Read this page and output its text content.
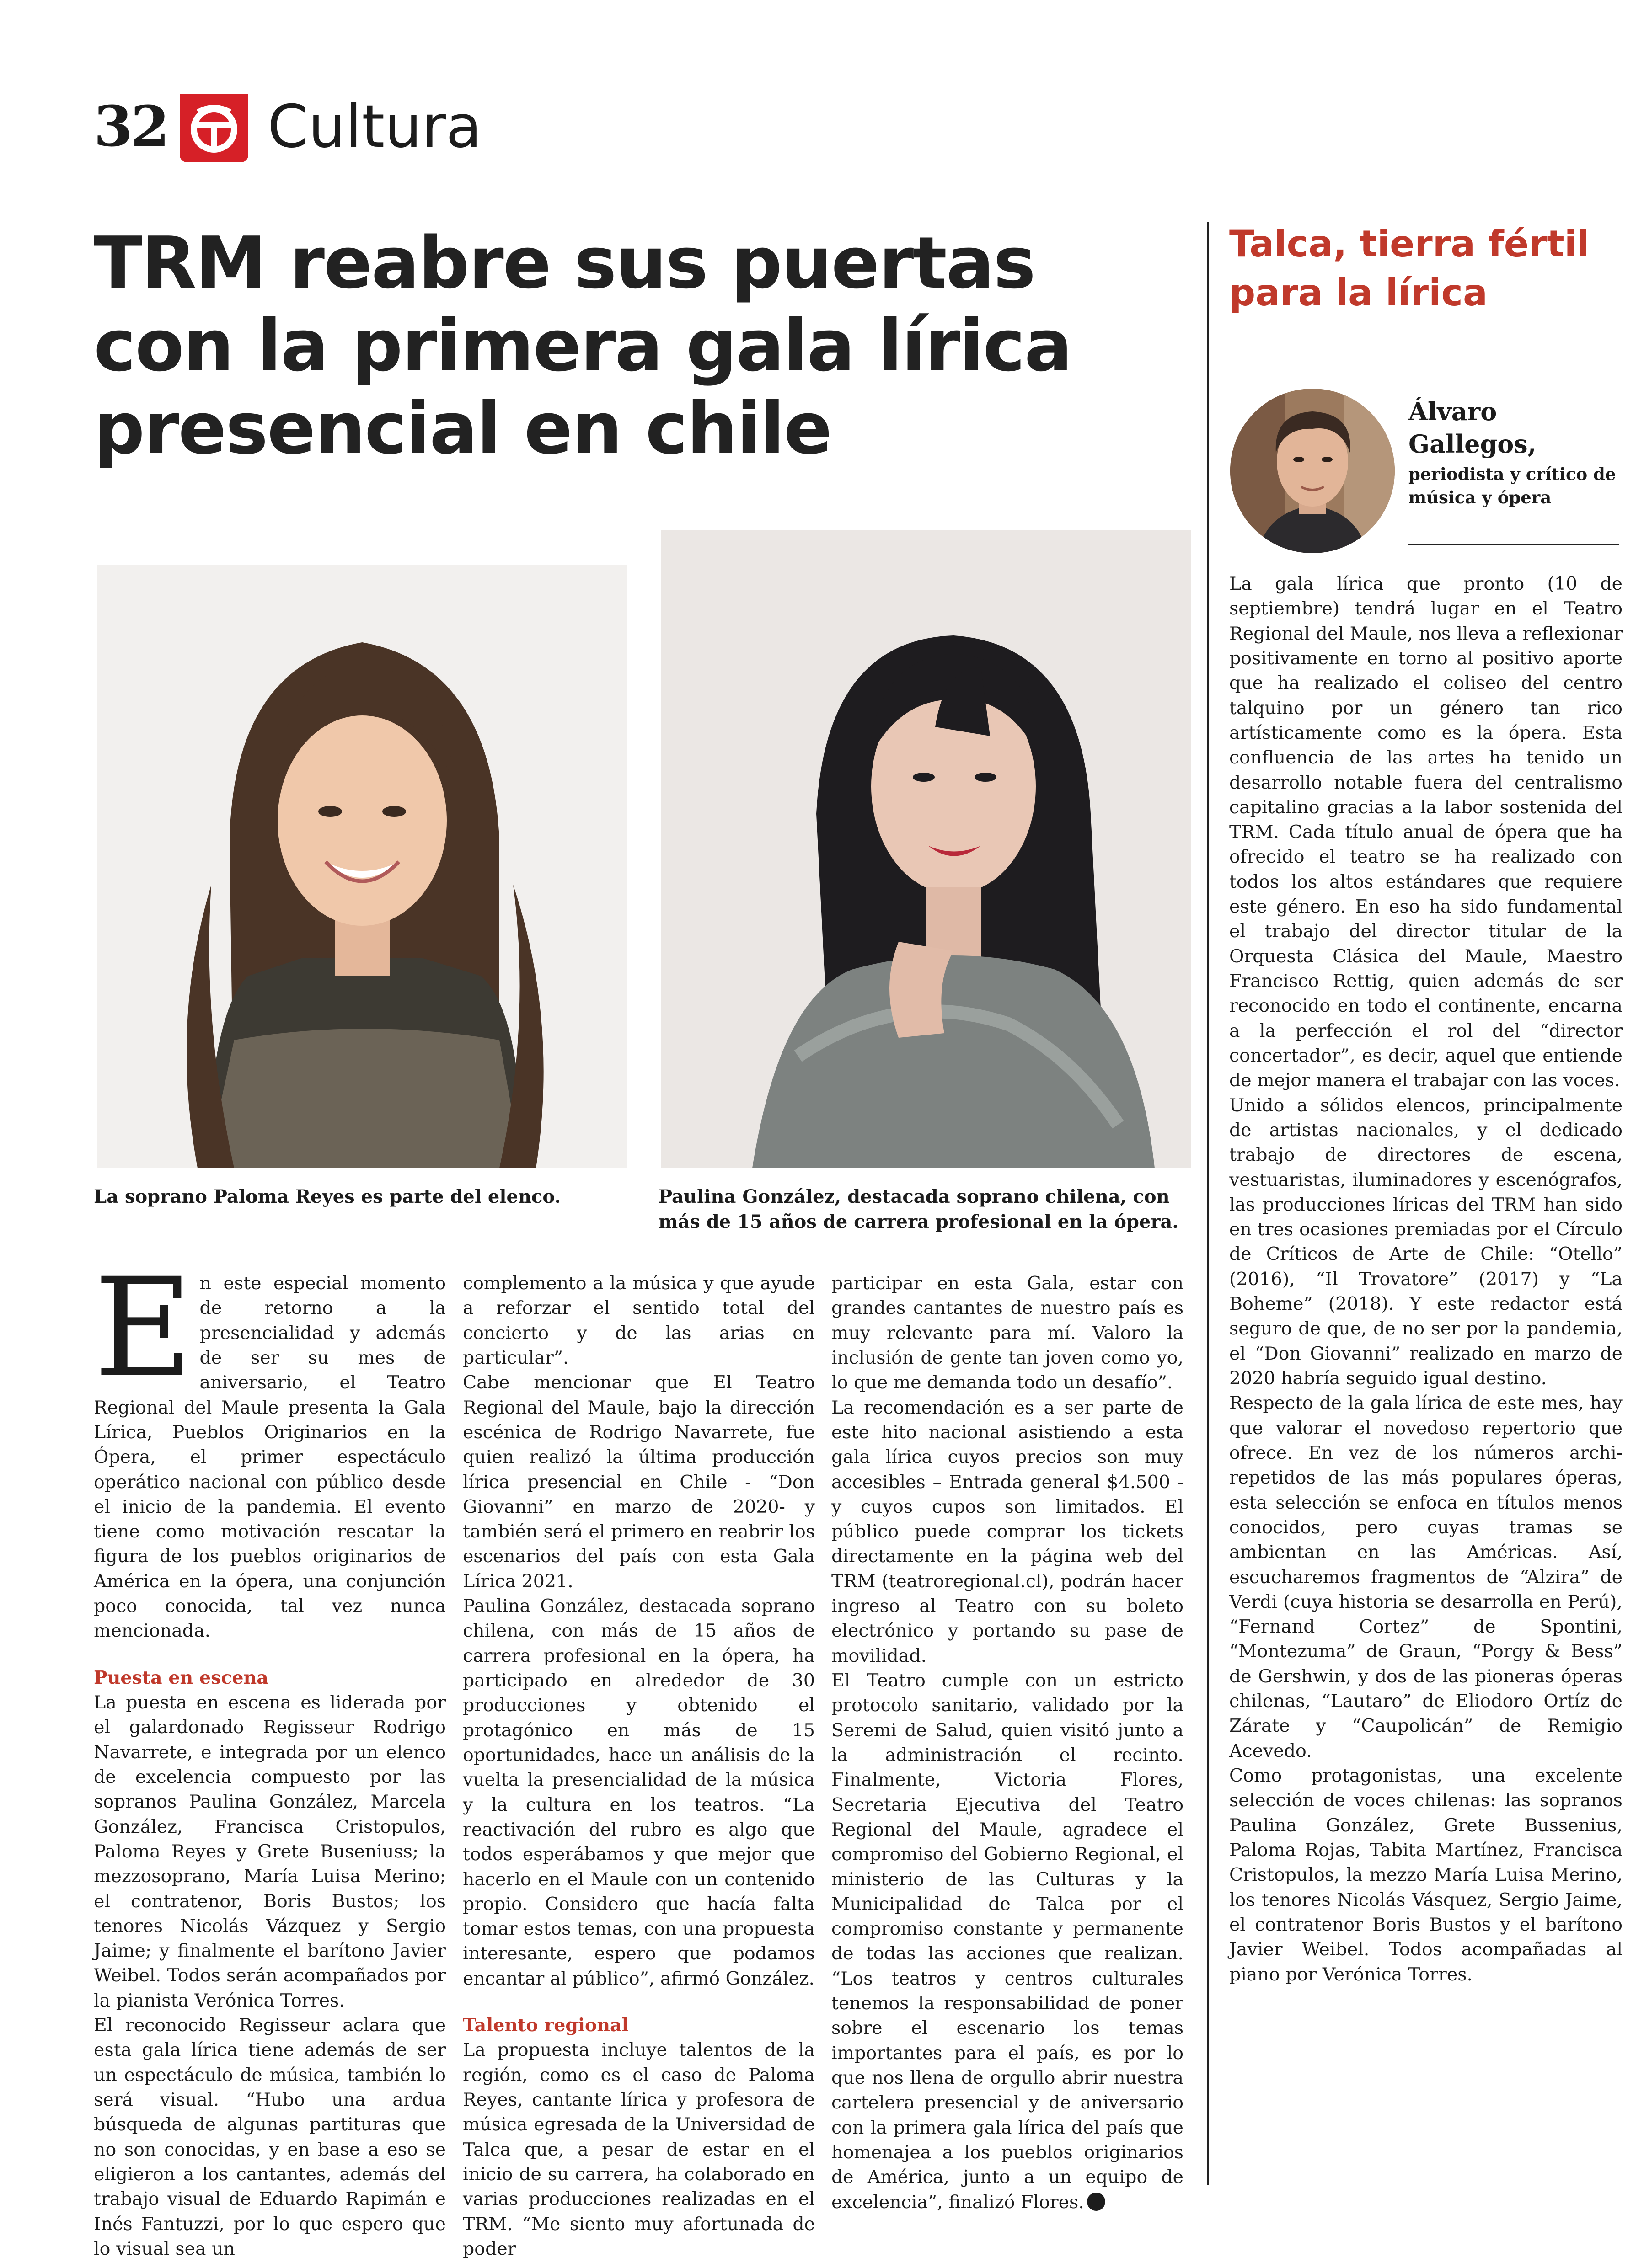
32 Cultura
TRM reabre sus puertas con la primera gala lírica presencial en chile
La soprano Paloma Reyes es parte del elenco.	Paulina González, destacada soprano chilena, con más de 15 años de carrera profesional en la ópera.

En este especial momento de retorno a la presencialidad y además de ser su mes de aniversario, el Teatro Regional del Maule presenta la Gala Lírica, Pueblos Originarios en la Ópera, el primer espectáculo operático nacional con público desde el inicio de la pandemia. El evento tiene como motivación rescatar la figura de los pueblos originarios de América en la ópera, una conjunción poco conocida, tal vez nunca mencionada.

Puesta en escena

La puesta en escena es liderada por el galardonado Regisseur Rodrigo Navarrete, e integrada por un elenco de excelencia compuesto por las sopranos Paulina González, Marcela González, Francisca Cristopulos, Paloma Reyes y Grete Buseniuss; la mezzosoprano, María Luisa Merino; el contratenor, Boris Bustos; los tenores Nicolás Vázquez y Sergio Jaime; y finalmente el barítono Javier Weibel. Todos serán acompañados por la pianista Verónica Torres.

El reconocido Regisseur aclara que esta gala lírica tiene además de ser un espectáculo de música, también lo será visual. “Hubo una ardua búsqueda de algunas partituras que no son conocidas, y en base a eso se eligieron a los cantantes, además del trabajo visual de Eduardo Rapimán e Inés Fantuzzi, por lo que espero que lo visual sea un

complemento a la música y que ayude a reforzar el sentido total del concierto y de las arias en particular”.

Cabe mencionar que El Teatro Regional del Maule, bajo la dirección escénica de Rodrigo Navarrete, fue quien realizó la última producción lírica presencial en Chile - “Don Giovanni” en marzo de 2020- y también será el primero en reabrir los escenarios del país con esta Gala Lírica 2021.

Paulina González, destacada soprano chilena, con más de 15 años de carrera profesional en la ópera, ha participado en alrededor de 30 producciones y obtenido el protagónico en más de 15 oportunidades, hace un análisis de la vuelta la presencialidad de la música y la cultura en los teatros. “La reactivación del rubro es algo que todos esperábamos y que mejor que hacerlo en el Maule con un contenido propio. Considero que hacía falta tomar estos temas, con una propuesta interesante, espero que podamos encantar al público”, afirmó González.

Talento regional

La propuesta incluye talentos de la región, como es el caso de Paloma Reyes, cantante lírica y profesora de música egresada de la Universidad de Talca que, a pesar de estar en el inicio de su carrera, ha colaborado en varias producciones realizadas en el TRM. “Me siento muy afortunada de poder

participar en esta Gala, estar con grandes cantantes de nuestro país es muy relevante para mí. Valoro la inclusión de gente tan joven como yo, lo que me demanda todo un desafío”.

La recomendación es a ser parte de este hito nacional asistiendo a esta gala lírica cuyos precios son muy accesibles – Entrada general $4.500 - y cuyos cupos son limitados. El público puede comprar los tickets directamente en la página web del TRM (teatroregional.cl), podrán hacer ingreso al Teatro con su boleto electrónico y portando su pase de movilidad.

El Teatro cumple con un estricto protocolo sanitario, validado por la Seremi de Salud, quien visitó junto a la administración el recinto. Finalmente, Victoria Flores, Secretaria Ejecutiva del Teatro Regional del Maule, agradece el compromiso del Gobierno Regional, el ministerio de las Culturas y la Municipalidad de Talca por el compromiso constante y permanente de todas las acciones que realizan. “Los teatros y centros culturales tenemos la responsabilidad de poner sobre el escenario los temas importantes para el país, es por lo que nos llena de orgullo abrir nuestra cartelera presencial y de aniversario con la primera gala lírica del país que homenajea a los pueblos originarios de América, junto a un equipo de excelencia”, finalizó Flores.

Talca, tierra fértil para la lírica
Álvaro Gallegos,
periodista y crítico de música y ópera

La gala lírica que pronto (10 de septiembre) tendrá lugar en el Teatro Regional del Maule, nos lleva a reflexionar positivamente en torno al positivo aporte que ha realizado el coliseo del centro talquino por un género tan rico artísticamente como es la ópera. Esta confluencia de las artes ha tenido un desarrollo notable fuera del centralismo capitalino gracias a la labor sostenida del TRM. Cada título anual de ópera que ha ofrecido el teatro se ha realizado con todos los altos estándares que requiere este género. En eso ha sido fundamental el trabajo del director titular de la Orquesta Clásica del Maule, Maestro Francisco Rettig, quien además de ser reconocido en todo el continente, encarna a la perfección el rol del “director concertador”, es decir, aquel que entiende de mejor manera el trabajar con las voces.

Unido a sólidos elencos, principalmente de artistas nacionales, y el dedicado trabajo de directores de escena, vestuaristas, iluminadores y escenógrafos, las producciones líricas del TRM han sido en tres ocasiones premiadas por el Círculo de Críticos de Arte de Chile: “Otello” (2016), “Il Trovatore” (2017) y “La Boheme” (2018). Y este redactor está seguro de que, de no ser por la pandemia, el “Don Giovanni” realizado en marzo de 2020 habría seguido igual destino.

Respecto de la gala lírica de este mes, hay que valorar el novedoso repertorio que ofrece. En vez de los números archi-repetidos de las más populares óperas, esta selección se enfoca en títulos menos conocidos, pero cuyas tramas se ambientan en las Américas. Así, escucharemos fragmentos de “Alzira” de Verdi (cuya historia se desarrolla en Perú), “Fernand Cortez” de Spontini, “Montezuma” de Graun, “Porgy & Bess” de Gershwin, y dos de las pioneras óperas chilenas, “Lautaro” de Eliodoro Ortíz de Zárate y “Caupolicán” de Remigio Acevedo.

Como protagonistas, una excelente selección de voces chilenas: las sopranos Paulina González, Grete Bussenius, Paloma Rojas, Tabita Martínez, Francisca Cristopulos, la mezzo María Luisa Merino, los tenores Nicolás Vásquez, Sergio Jaime, el contratenor Boris Bustos y el barítono Javier Weibel. Todos acompañadas al piano por Verónica Torres.
